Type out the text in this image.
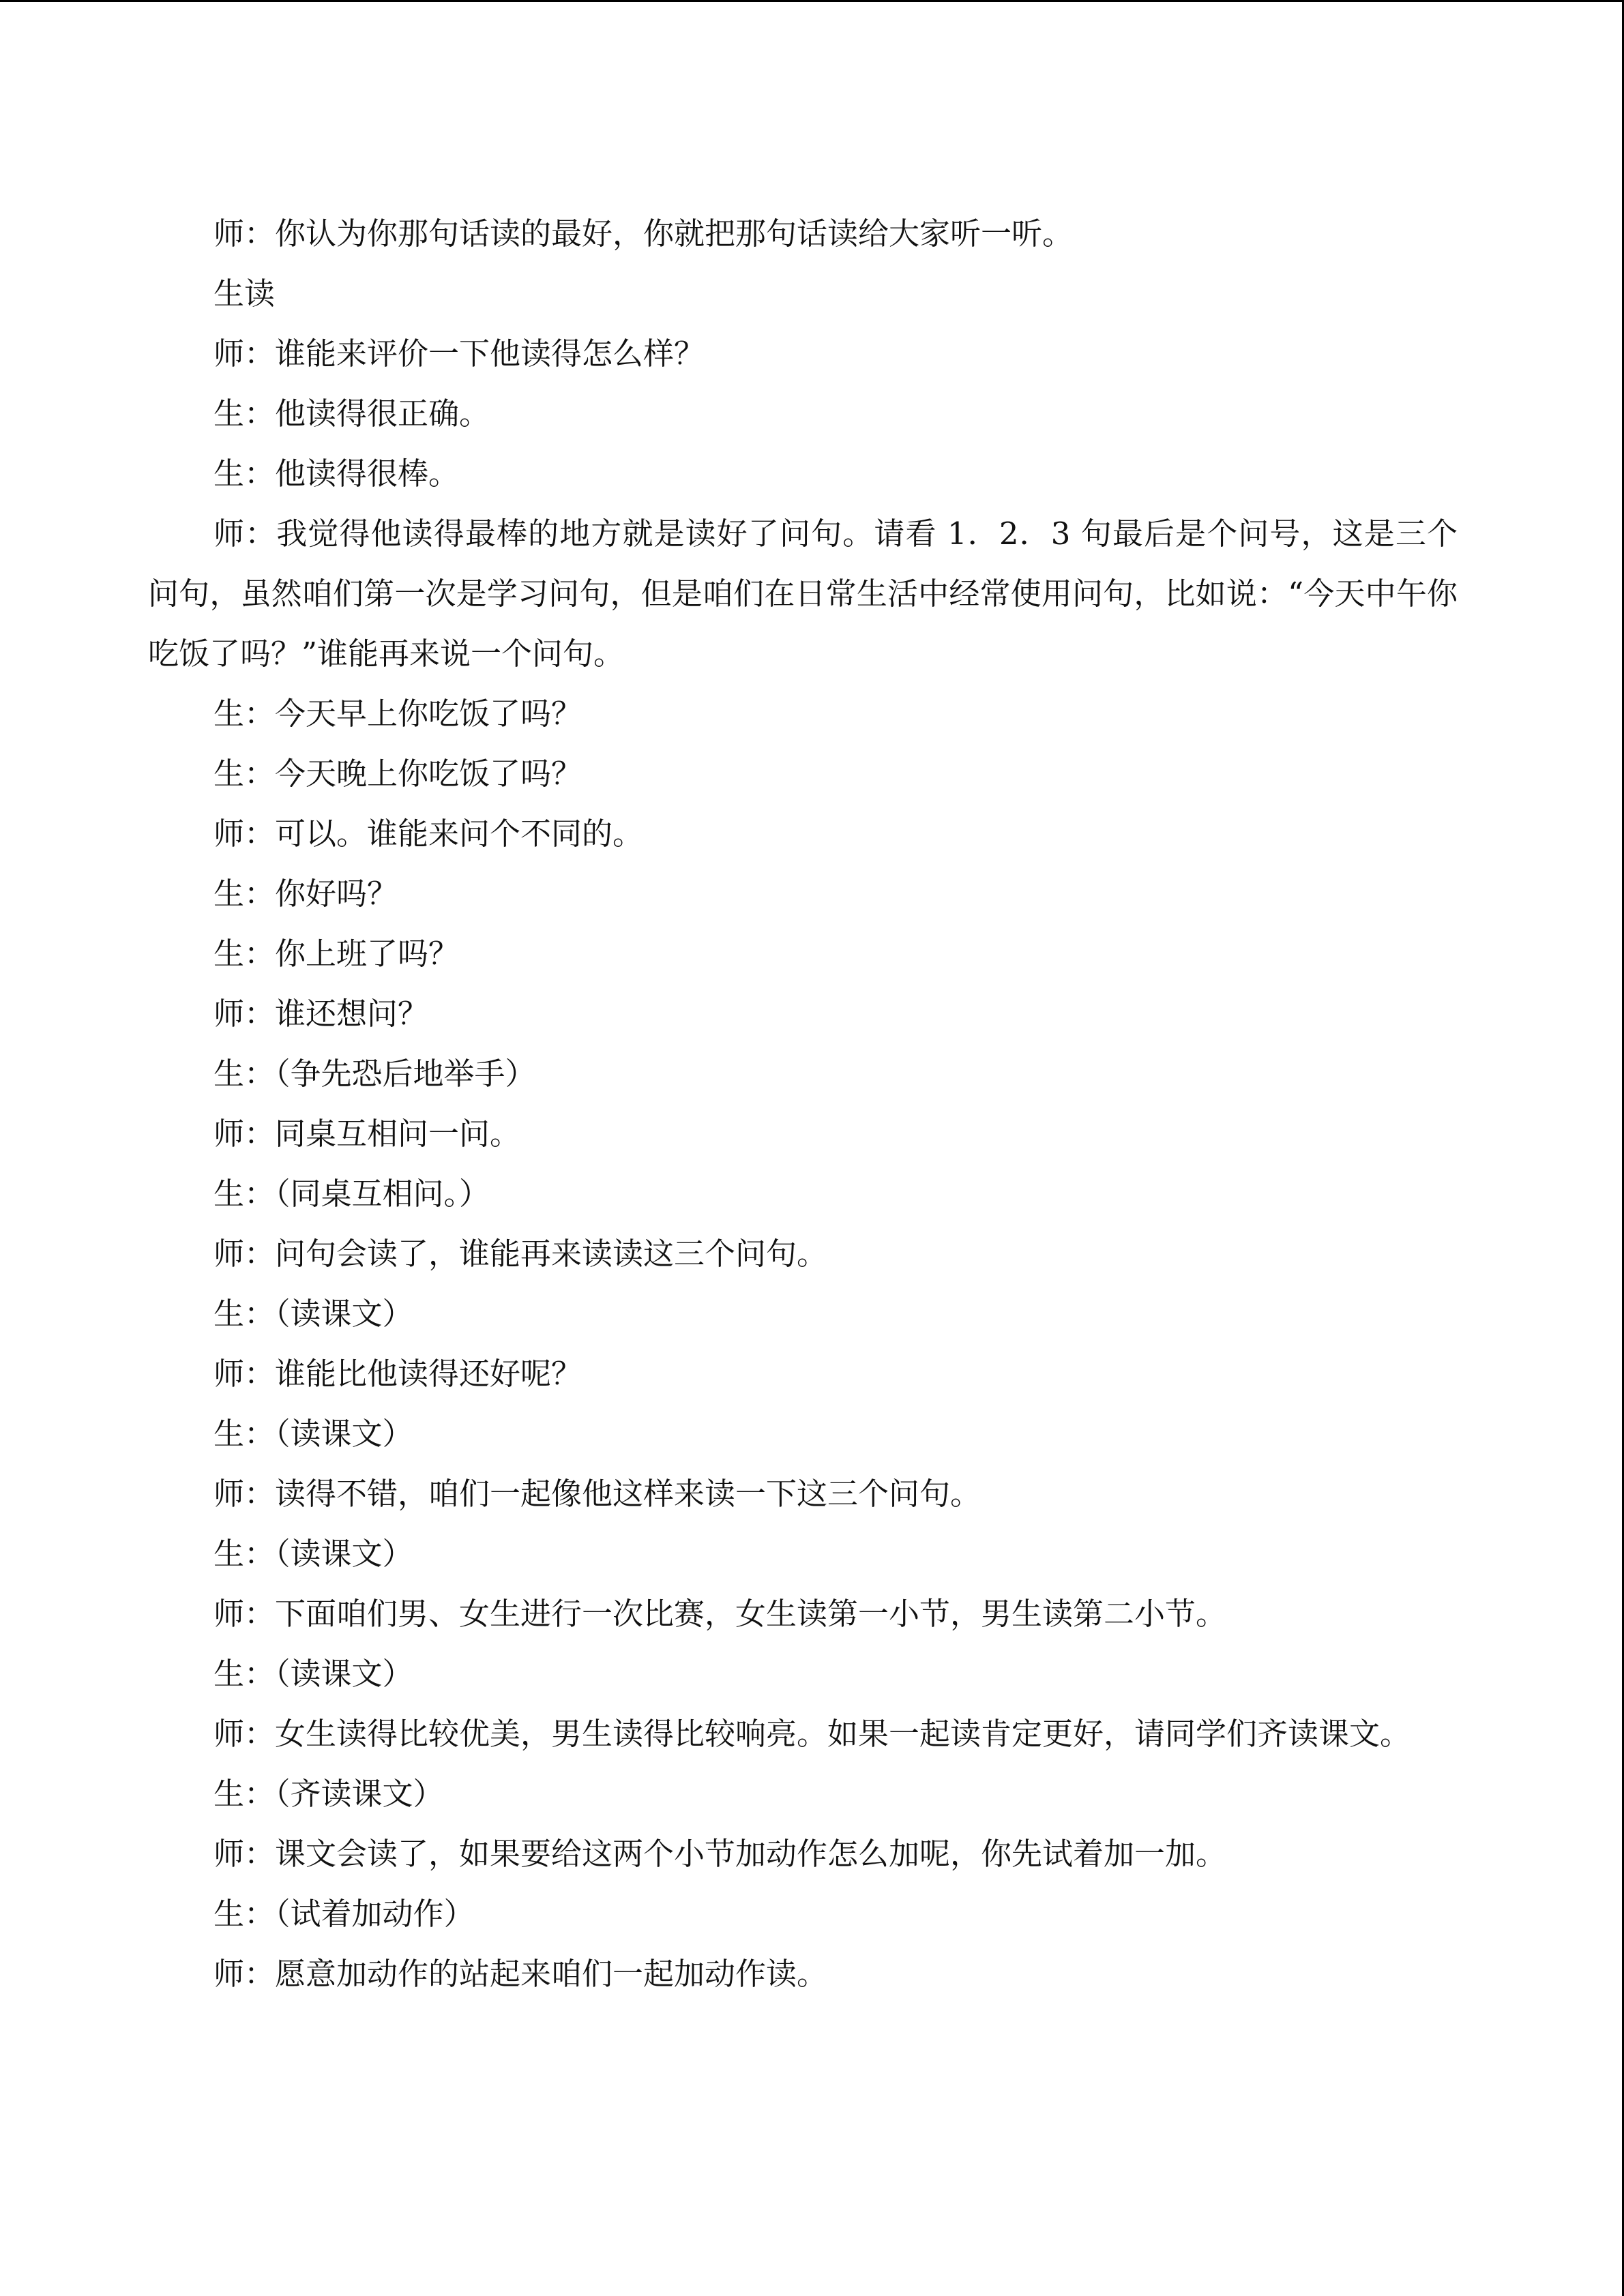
师：你认为你那句话读的最好，你就把那句话读给大家听一听。

生读

师：谁能来评价一下他读得怎么样？

生：他读得很正确。

生：他读得很棒。

师：我觉得他读得最棒的地方就是读好了问句。请看 1．2．3 句最后是个问号，这是三个问句，虽然咱们第一次是学习问句，但是咱们在日常生活中经常使用问句，比如说：“今天中午你吃饭了吗？”谁能再来说一个问句。

生：今天早上你吃饭了吗？

生：今天晚上你吃饭了吗？

师：可以。谁能来问个不同的。

生：你好吗？

生：你上班了吗？

师：谁还想问？

生：（争先恐后地举手）

师：同桌互相问一问。

生：（同桌互相问。）

师：问句会读了，谁能再来读读这三个问句。

生：（读课文）

师：谁能比他读得还好呢？

生：（读课文）

师：读得不错，咱们一起像他这样来读一下这三个问句。

生：（读课文）

师：下面咱们男、女生进行一次比赛，女生读第一小节，男生读第二小节。

生：（读课文）

师：女生读得比较优美，男生读得比较响亮。如果一起读肯定更好，请同学们齐读课文。

生：（齐读课文）

师：课文会读了，如果要给这两个小节加动作怎么加呢，你先试着加一加。

生：（试着加动作）

师：愿意加动作的站起来咱们一起加动作读。
